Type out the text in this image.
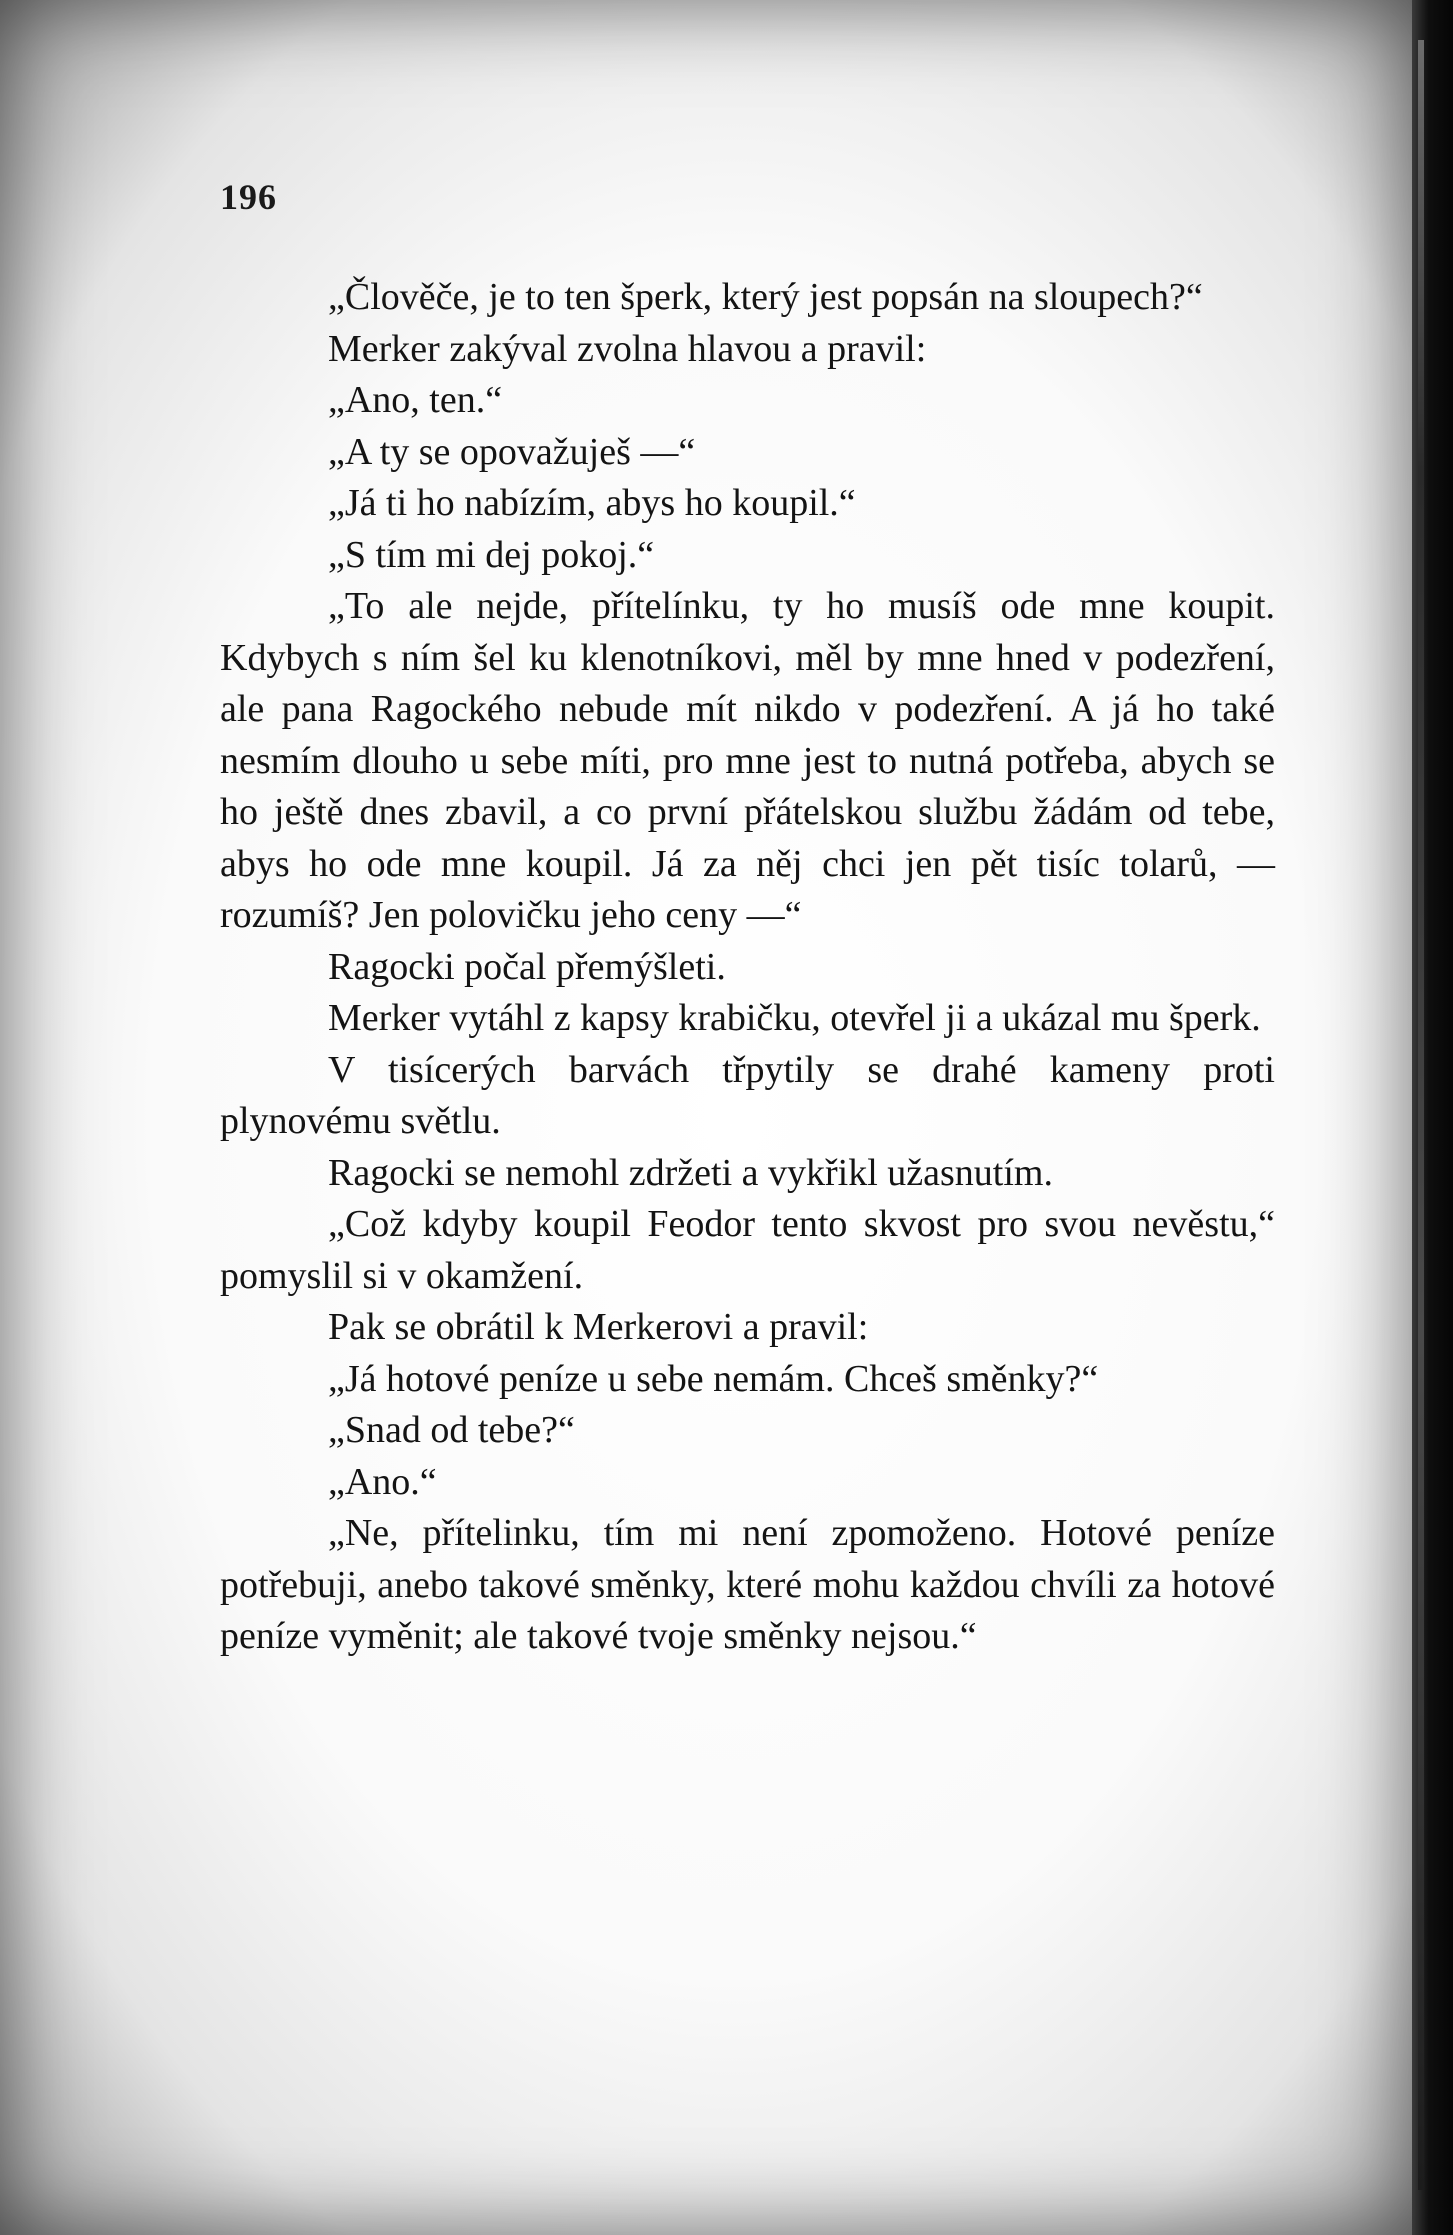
196

„Člověče, je to ten šperk, který jest popsán na sloupech?“

Merker zakýval zvolna hlavou a pravil:

„Ano, ten.“

„A ty se opovažuješ —“

„Já ti ho nabízím, abys ho koupil.“

„S tím mi dej pokoj.“

„To ale nejde, přítelínku, ty ho musíš ode mne koupit. Kdybych s ním šel ku klenotníkovi, měl by mne hned v podezření, ale pana Ragockého nebude mít nikdo v podezření. A já ho také nesmím dlouho u sebe míti, pro mne jest to nutná potřeba, abych se ho ještě dnes zbavil, a co první přátelskou službu žádám od tebe, abys ho ode mne koupil. Já za něj chci jen pět tisíc tolarů, — rozumíš? Jen polovičku jeho ceny —“

Ragocki počal přemýšleti.

Merker vytáhl z kapsy krabičku, otevřel ji a ukázal mu šperk.

V tisícerých barvách třpytily se drahé kameny proti plynovému světlu.

Ragocki se nemohl zdržeti a vykřikl užasnutím.

„Což kdyby koupil Feodor tento skvost pro svou nevěstu,“ pomyslil si v okamžení.

Pak se obrátil k Merkerovi a pravil:

„Já hotové peníze u sebe nemám. Chceš směnky?“

„Snad od tebe?“

„Ano.“

„Ne, přítelinku, tím mi není zpomoženo. Hotové peníze potřebuji, anebo takové směnky, které mohu každou chvíli za hotové peníze vyměnit; ale takové tvoje směnky nejsou.“
